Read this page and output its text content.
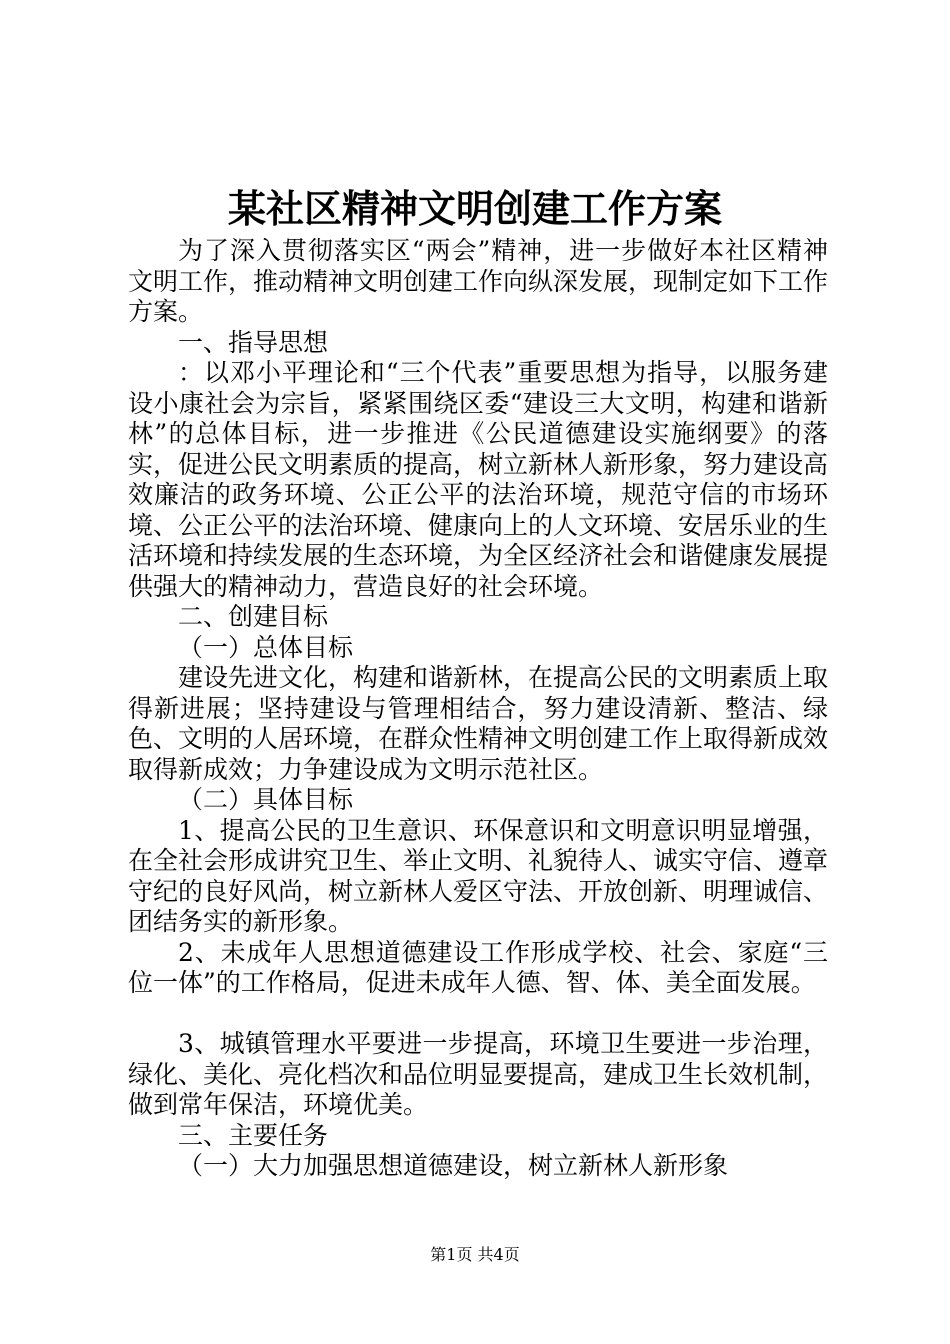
某社区精神文明创建工作方案

为了深入贯彻落实区“两会”精神，进一步做好本社区精神文明工作，推动精神文明创建工作向纵深发展，现制定如下工作方案。

一、指导思想

：以邓小平理论和“三个代表”重要思想为指导，以服务建设小康社会为宗旨，紧紧围绕区委“建设三大文明，构建和谐新林”的总体目标，进一步推进《公民道德建设实施纲要》的落实，促进公民文明素质的提高，树立新林人新形象，努力建设高效廉洁的政务环境、公正公平的法治环境，规范守信的市场环境、公正公平的法治环境、健康向上的人文环境、安居乐业的生活环境和持续发展的生态环境，为全区经济社会和谐健康发展提供强大的精神动力，营造良好的社会环境。

二、创建目标

（一）总体目标

建设先进文化，构建和谐新林，在提高公民的文明素质上取得新进展；坚持建设与管理相结合，努力建设清新、整洁、绿色、文明的人居环境，在群众性精神文明创建工作上取得新成效取得新成效；力争建设成为文明示范社区。

（二）具体目标

1、提高公民的卫生意识、环保意识和文明意识明显增强，在全社会形成讲究卫生、举止文明、礼貌待人、诚实守信、遵章守纪的良好风尚，树立新林人爱区守法、开放创新、明理诚信、团结务实的新形象。

2、未成年人思想道德建设工作形成学校、社会、家庭“三位一体”的工作格局，促进未成年人德、智、体、美全面发展。

3、城镇管理水平要进一步提高，环境卫生要进一步治理，绿化、美化、亮化档次和品位明显要提高，建成卫生长效机制，做到常年保洁，环境优美。

三、主要任务

（一）大力加强思想道德建设，树立新林人新形象

第1页 共4页
